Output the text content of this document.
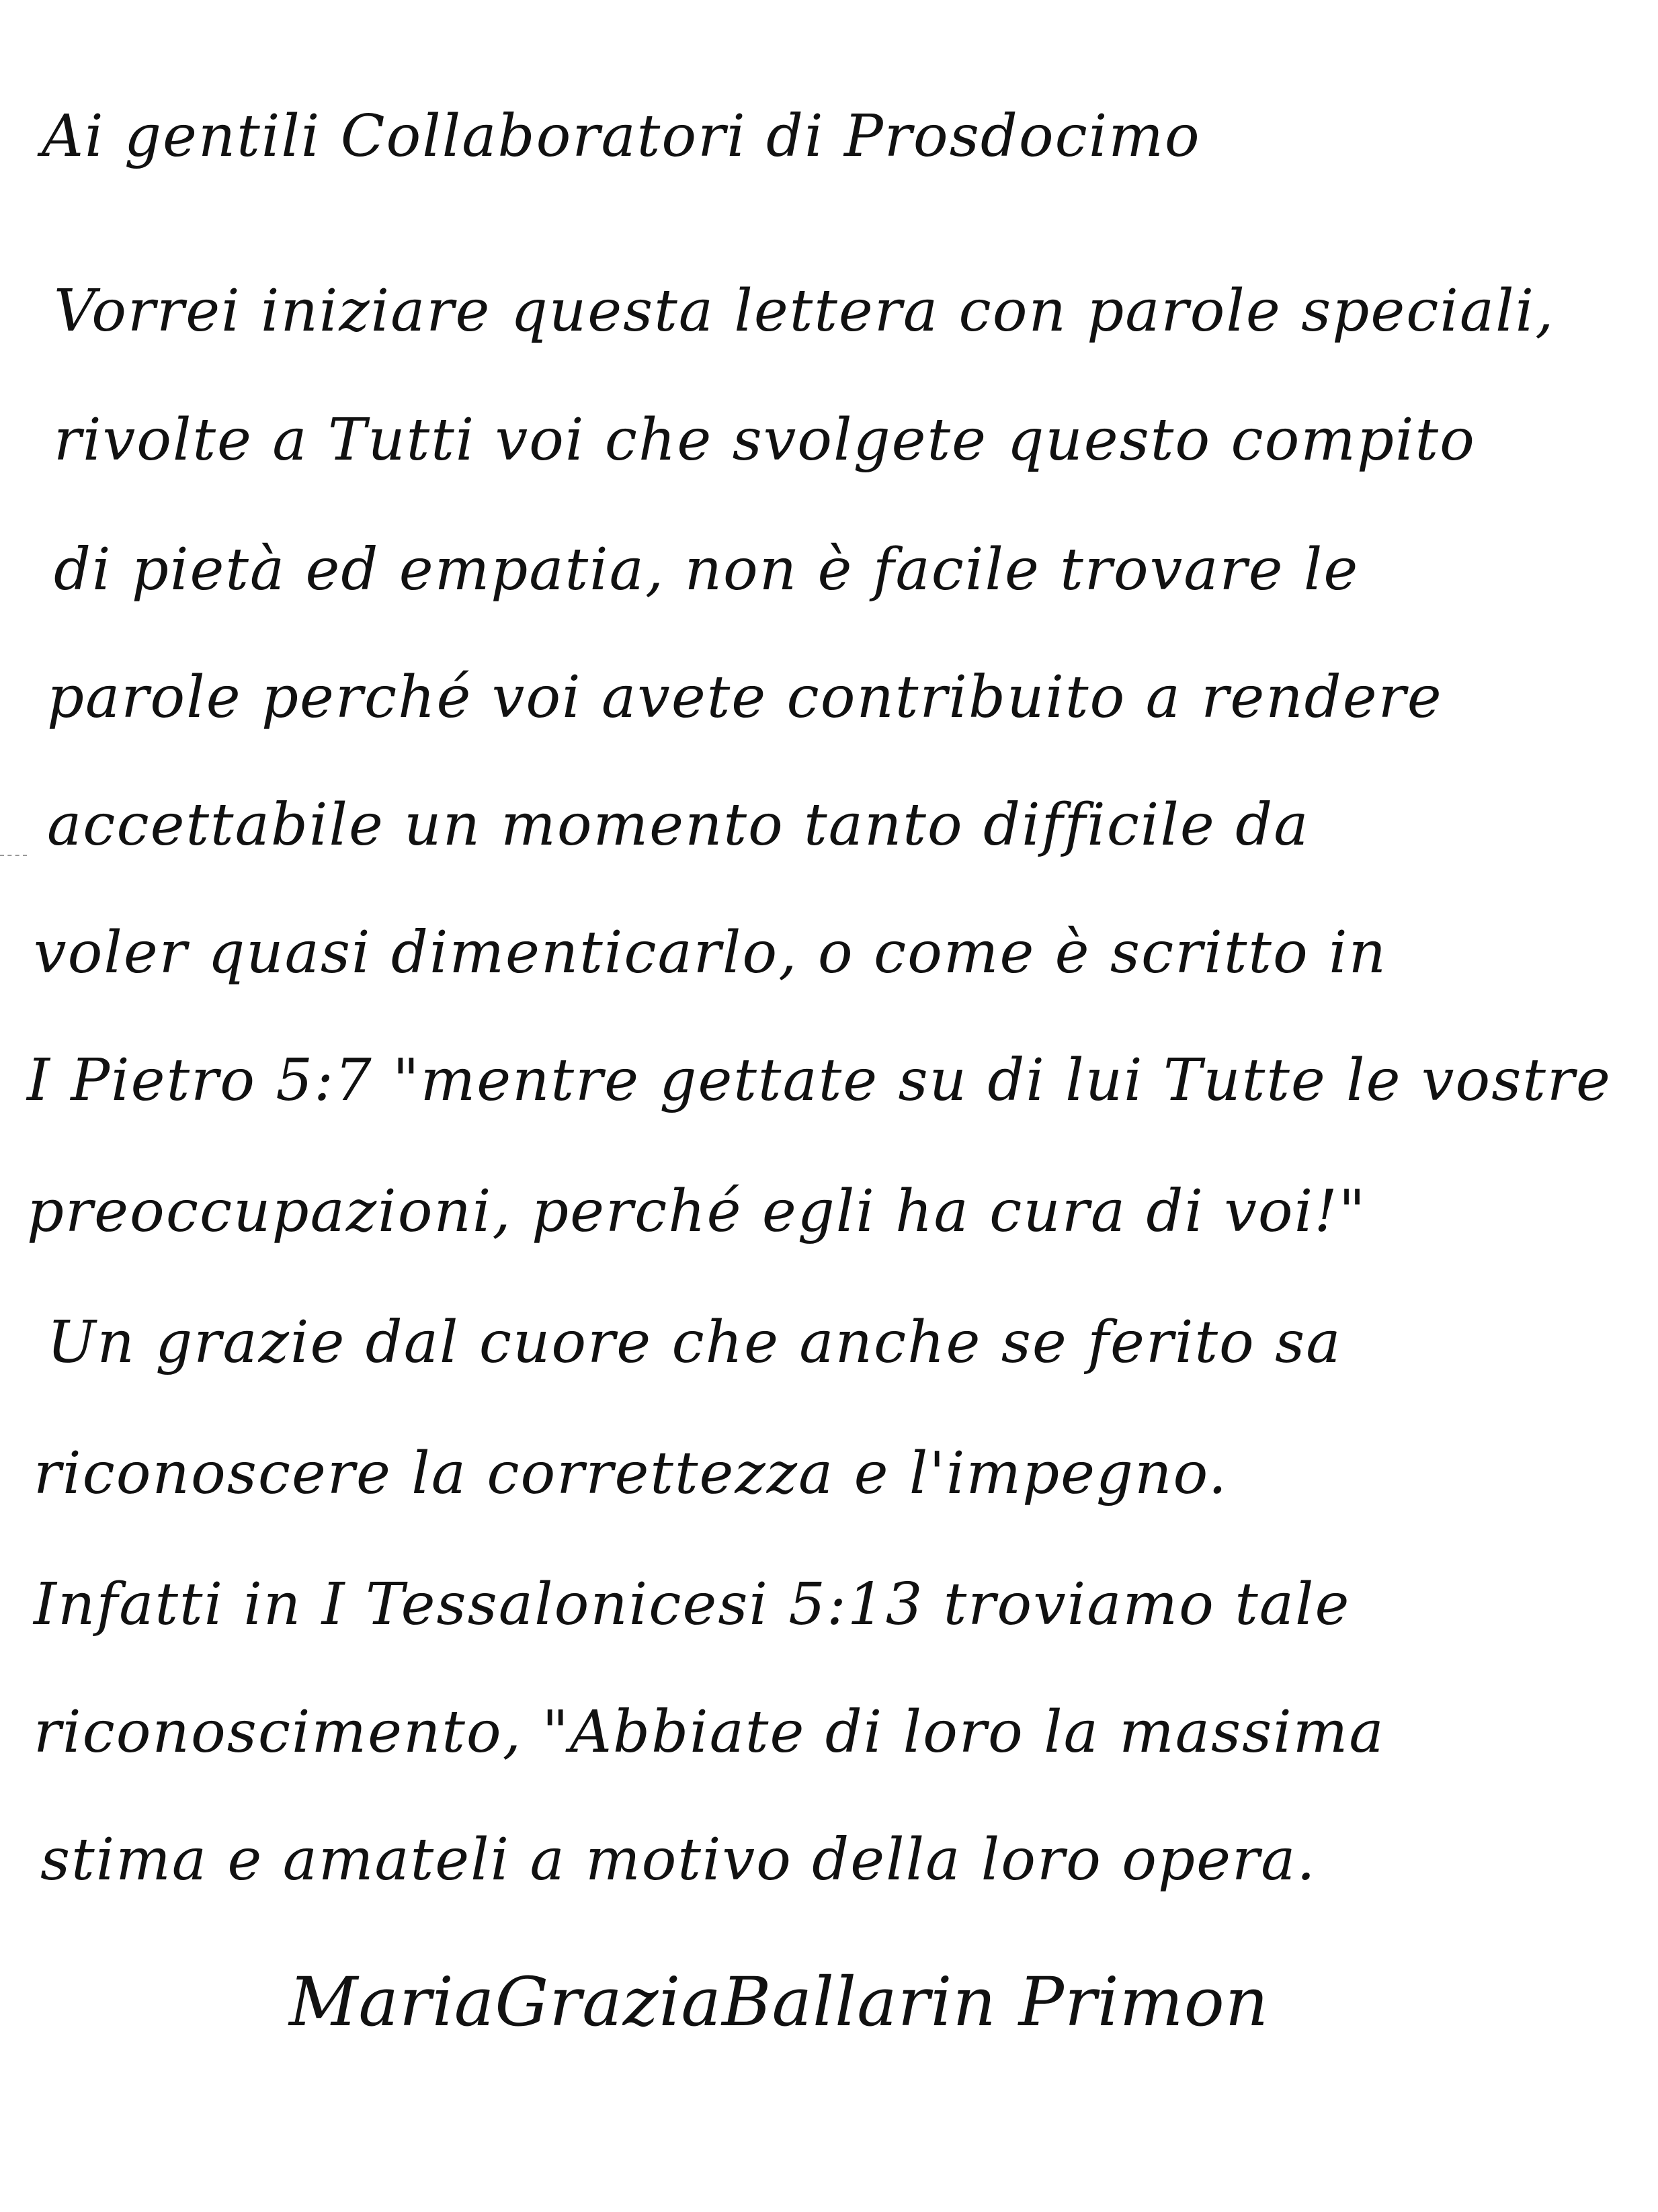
Ai gentili Collaboratori di Prosdocimo
Vorrei iniziare questa lettera con parole speciali,
rivolte a Tutti voi che svolgete questo compito
di pietà ed empatia, non è facile trovare le
parole perché voi avete contribuito a rendere
accettabile un momento tanto difficile da
voler quasi dimenticarlo, o come è scritto in
I Pietro 5:7 "mentre gettate su di lui Tutte le vostre
preoccupazioni, perché egli ha cura di voi!"
Un grazie dal cuore che anche se ferito sa
riconoscere la correttezza e l'impegno.
Infatti in I Tessalonicesi 5:13 troviamo tale
riconoscimento, "Abbiate di loro la massima
stima e amateli a motivo della loro opera.
MariaGraziaBallarin Primon
